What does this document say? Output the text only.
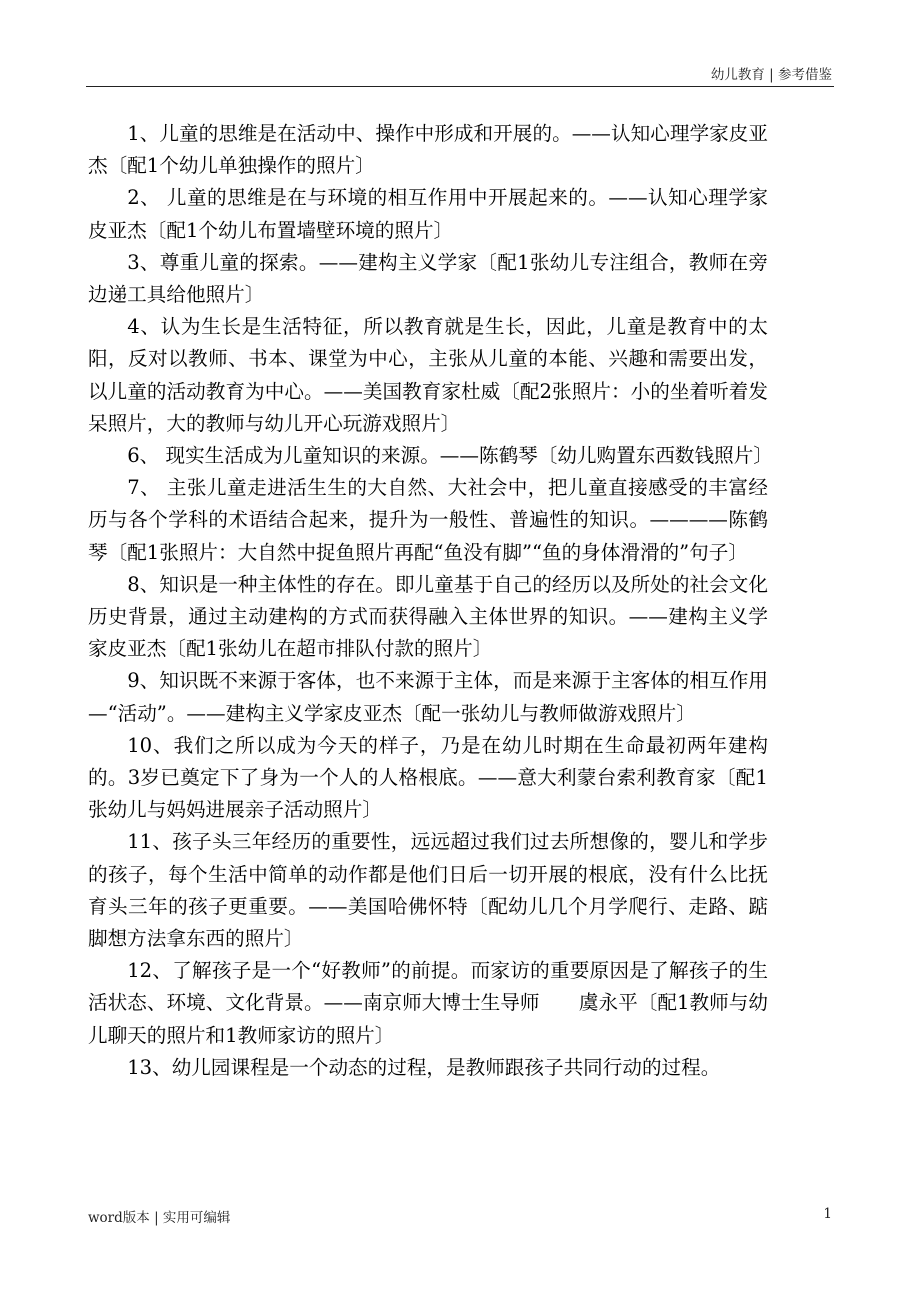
幼儿教育 | 参考借鉴

1、儿童的思维是在活动中、操作中形成和开展的。——认知心理学家皮亚杰〔配1个幼儿单独操作的照片〕

2、 儿童的思维是在与环境的相互作用中开展起来的。——认知心理学家皮亚杰〔配1个幼儿布置墙壁环境的照片〕

3、尊重儿童的探索。——建构主义学家〔配1张幼儿专注组合，教师在旁边递工具给他照片〕

4、认为生长是生活特征，所以教育就是生长，因此，儿童是教育中的太阳，反对以教师、书本、课堂为中心，主张从儿童的本能、兴趣和需要出发，以儿童的活动教育为中心。——美国教育家杜威〔配2张照片：小的坐着听着发呆照片，大的教师与幼儿开心玩游戏照片〕

6、 现实生活成为儿童知识的来源。——陈鹤琴〔幼儿购置东西数钱照片〕

7、 主张儿童走进活生生的大自然、大社会中，把儿童直接感受的丰富经历与各个学科的术语结合起来，提升为一般性、普遍性的知识。————陈鹤琴〔配1张照片：大自然中捉鱼照片再配“鱼没有脚”“鱼的身体滑滑的”句子〕

8、知识是一种主体性的存在。即儿童基于自己的经历以及所处的社会文化历史背景，通过主动建构的方式而获得融入主体世界的知识。——建构主义学家皮亚杰〔配1张幼儿在超市排队付款的照片〕

9、知识既不来源于客体，也不来源于主体，而是来源于主客体的相互作用—“活动”。——建构主义学家皮亚杰〔配一张幼儿与教师做游戏照片〕

10、我们之所以成为今天的样子，乃是在幼儿时期在生命最初两年建构的。3岁已奠定下了身为一个人的人格根底。——意大利蒙台索利教育家〔配1张幼儿与妈妈进展亲子活动照片〕

11、孩子头三年经历的重要性，远远超过我们过去所想像的，婴儿和学步的孩子，每个生活中简单的动作都是他们日后一切开展的根底，没有什么比抚育头三年的孩子更重要。——美国哈佛怀特〔配幼儿几个月学爬行、走路、踮脚想方法拿东西的照片〕

12、了解孩子是一个“好教师”的前提。而家访的重要原因是了解孩子的生活状态、环境、文化背景。——南京师大博士生导师　　虞永平〔配1教师与幼儿聊天的照片和1教师家访的照片〕

13、幼儿园课程是一个动态的过程，是教师跟孩子共同行动的过程。

word版本 | 实用可编辑	1
